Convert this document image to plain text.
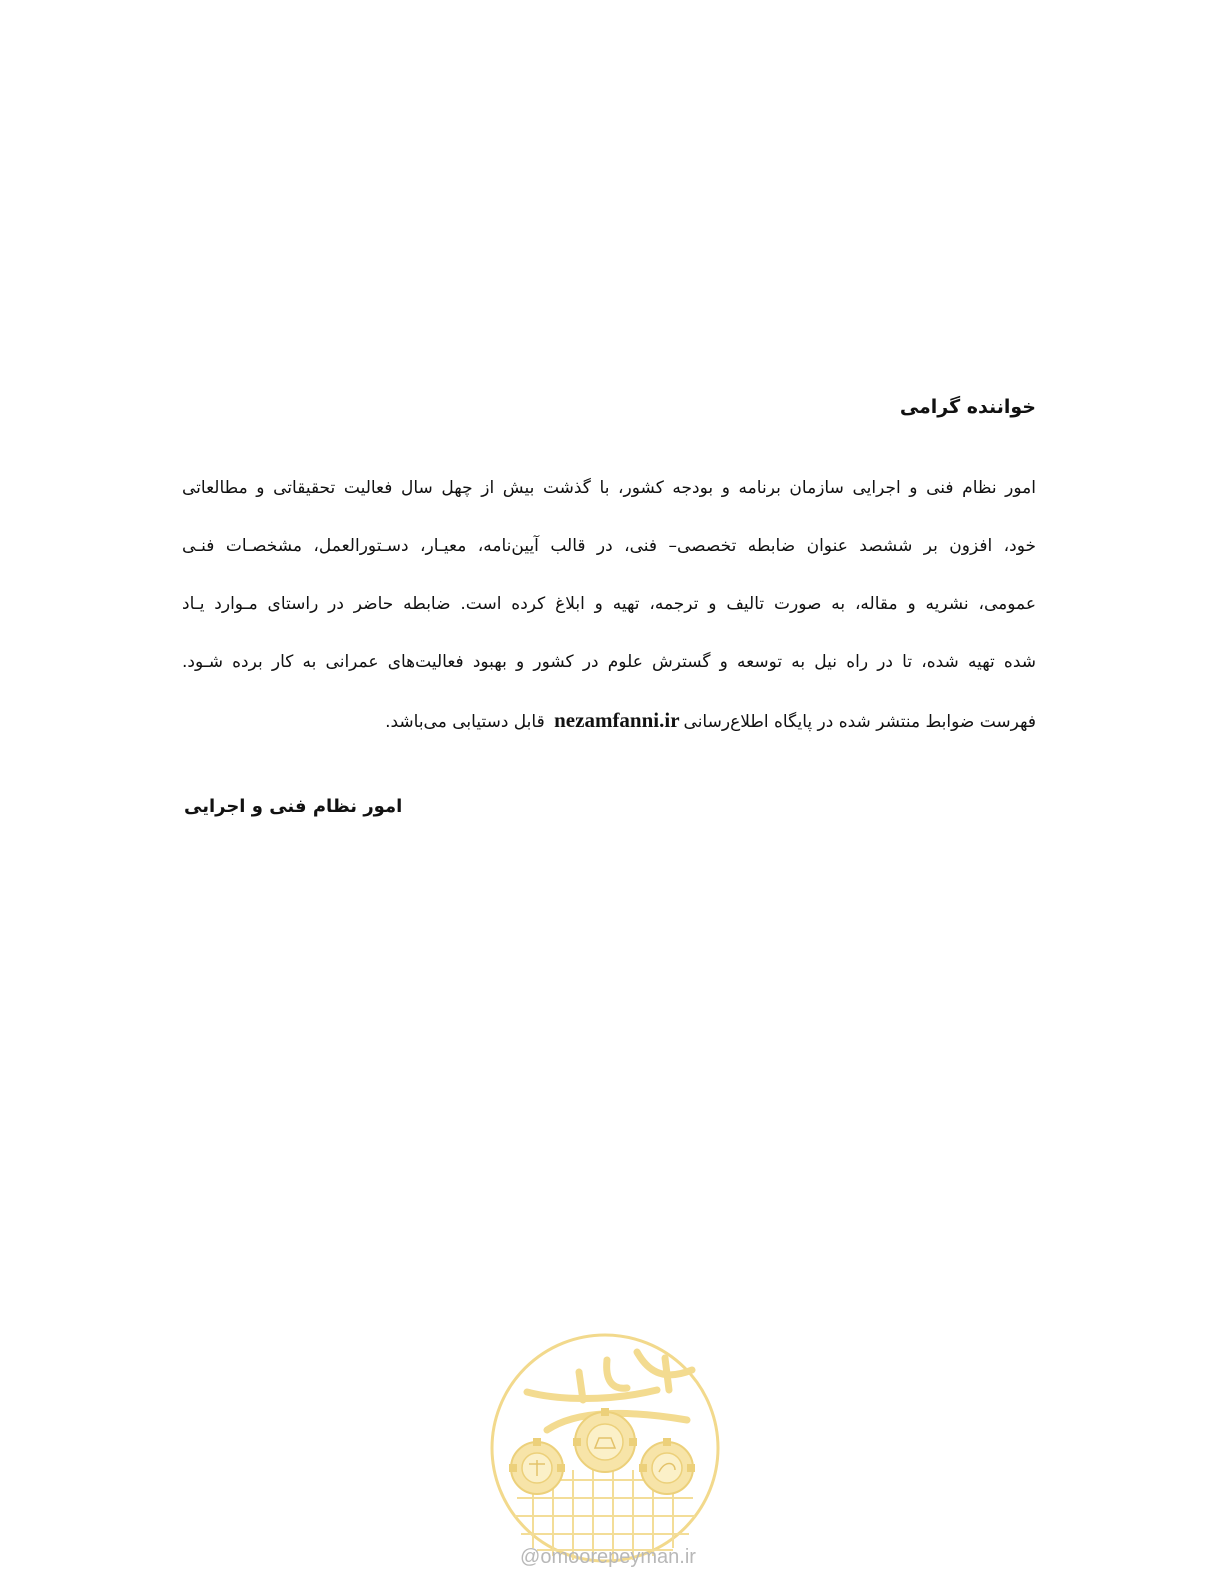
خواننده گرامی
امور نظام فنی و اجرایی سازمان برنامه و بودجه کشور، با گذشت بیش از چهل سال فعالیت تحقیقاتی و مطالعاتی
خود، افزون بر ششصد عنوان ضابطه تخصصی– فنی، در قالب آیین‌نامه، معیـار، دسـتورالعمل، مشخصـات فنـی
عمومی، نشریه و مقاله، به صورت تالیف و ترجمه، تهیه و ابلاغ کرده است. ضابطه حاضر در راستای مـوارد یـاد
شده تهیه شده، تا در راه نیل به توسعه و گسترش علوم در کشور و بهبود فعالیت‌های عمرانی به کار برده شـود.
فهرست ضوابط منتشر شده در پایگاه اطلاع‌رسانیnezamfanni.ir قابل دستیابی می‌باشد.
امور نظام فنی و اجرایی
@omoorepeyman.ir
